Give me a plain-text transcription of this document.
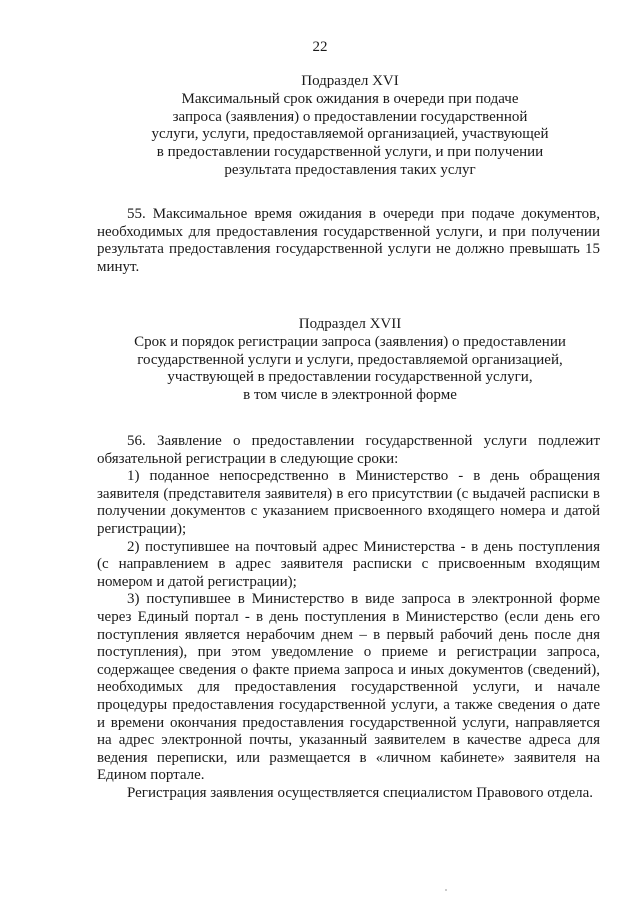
22
Подраздел XVI
Максимальный срок ожидания в очереди при подаче
запроса (заявления) о предоставлении государственной
услуги, услуги, предоставляемой организацией, участвующей
в предоставлении государственной услуги, и при получении
результата предоставления таких услуг
55. Максимальное время ожидания в очереди при подаче документов,
необходимых для предоставления государственной услуги, и при получении
результата предоставления государственной услуги не должно превышать 15
минут.
Подраздел XVII
Срок и порядок регистрации запроса (заявления) о предоставлении
государственной услуги и услуги, предоставляемой организацией,
участвующей в предоставлении государственной услуги,
в том числе в электронной форме
56. Заявление о предоставлении государственной услуги подлежит
обязательной регистрации в следующие сроки:
1) поданное непосредственно в Министерство - в день обращения
заявителя (представителя заявителя) в его присутствии (с выдачей расписки в
получении документов с указанием присвоенного входящего номера и датой
регистрации);
2) поступившее на почтовый адрес Министерства - в день поступления
(с направлением в адрес заявителя расписки с присвоенным входящим
номером и датой регистрации);
3) поступившее в Министерство в виде запроса в электронной форме
через Единый портал - в день поступления в Министерство (если день его
поступления является нерабочим днем – в первый рабочий день после дня
поступления), при этом уведомление о приеме и регистрации запроса,
содержащее сведения о факте приема запроса и иных документов (сведений),
необходимых для предоставления государственной услуги, и начале
процедуры предоставления государственной услуги, а также сведения о дате
и времени окончания предоставления государственной услуги, направляется
на адрес электронной почты, указанный заявителем в качестве адреса для
ведения переписки, или размещается в «личном кабинете» заявителя на
Едином портале.
Регистрация заявления осуществляется специалистом Правового отдела.
